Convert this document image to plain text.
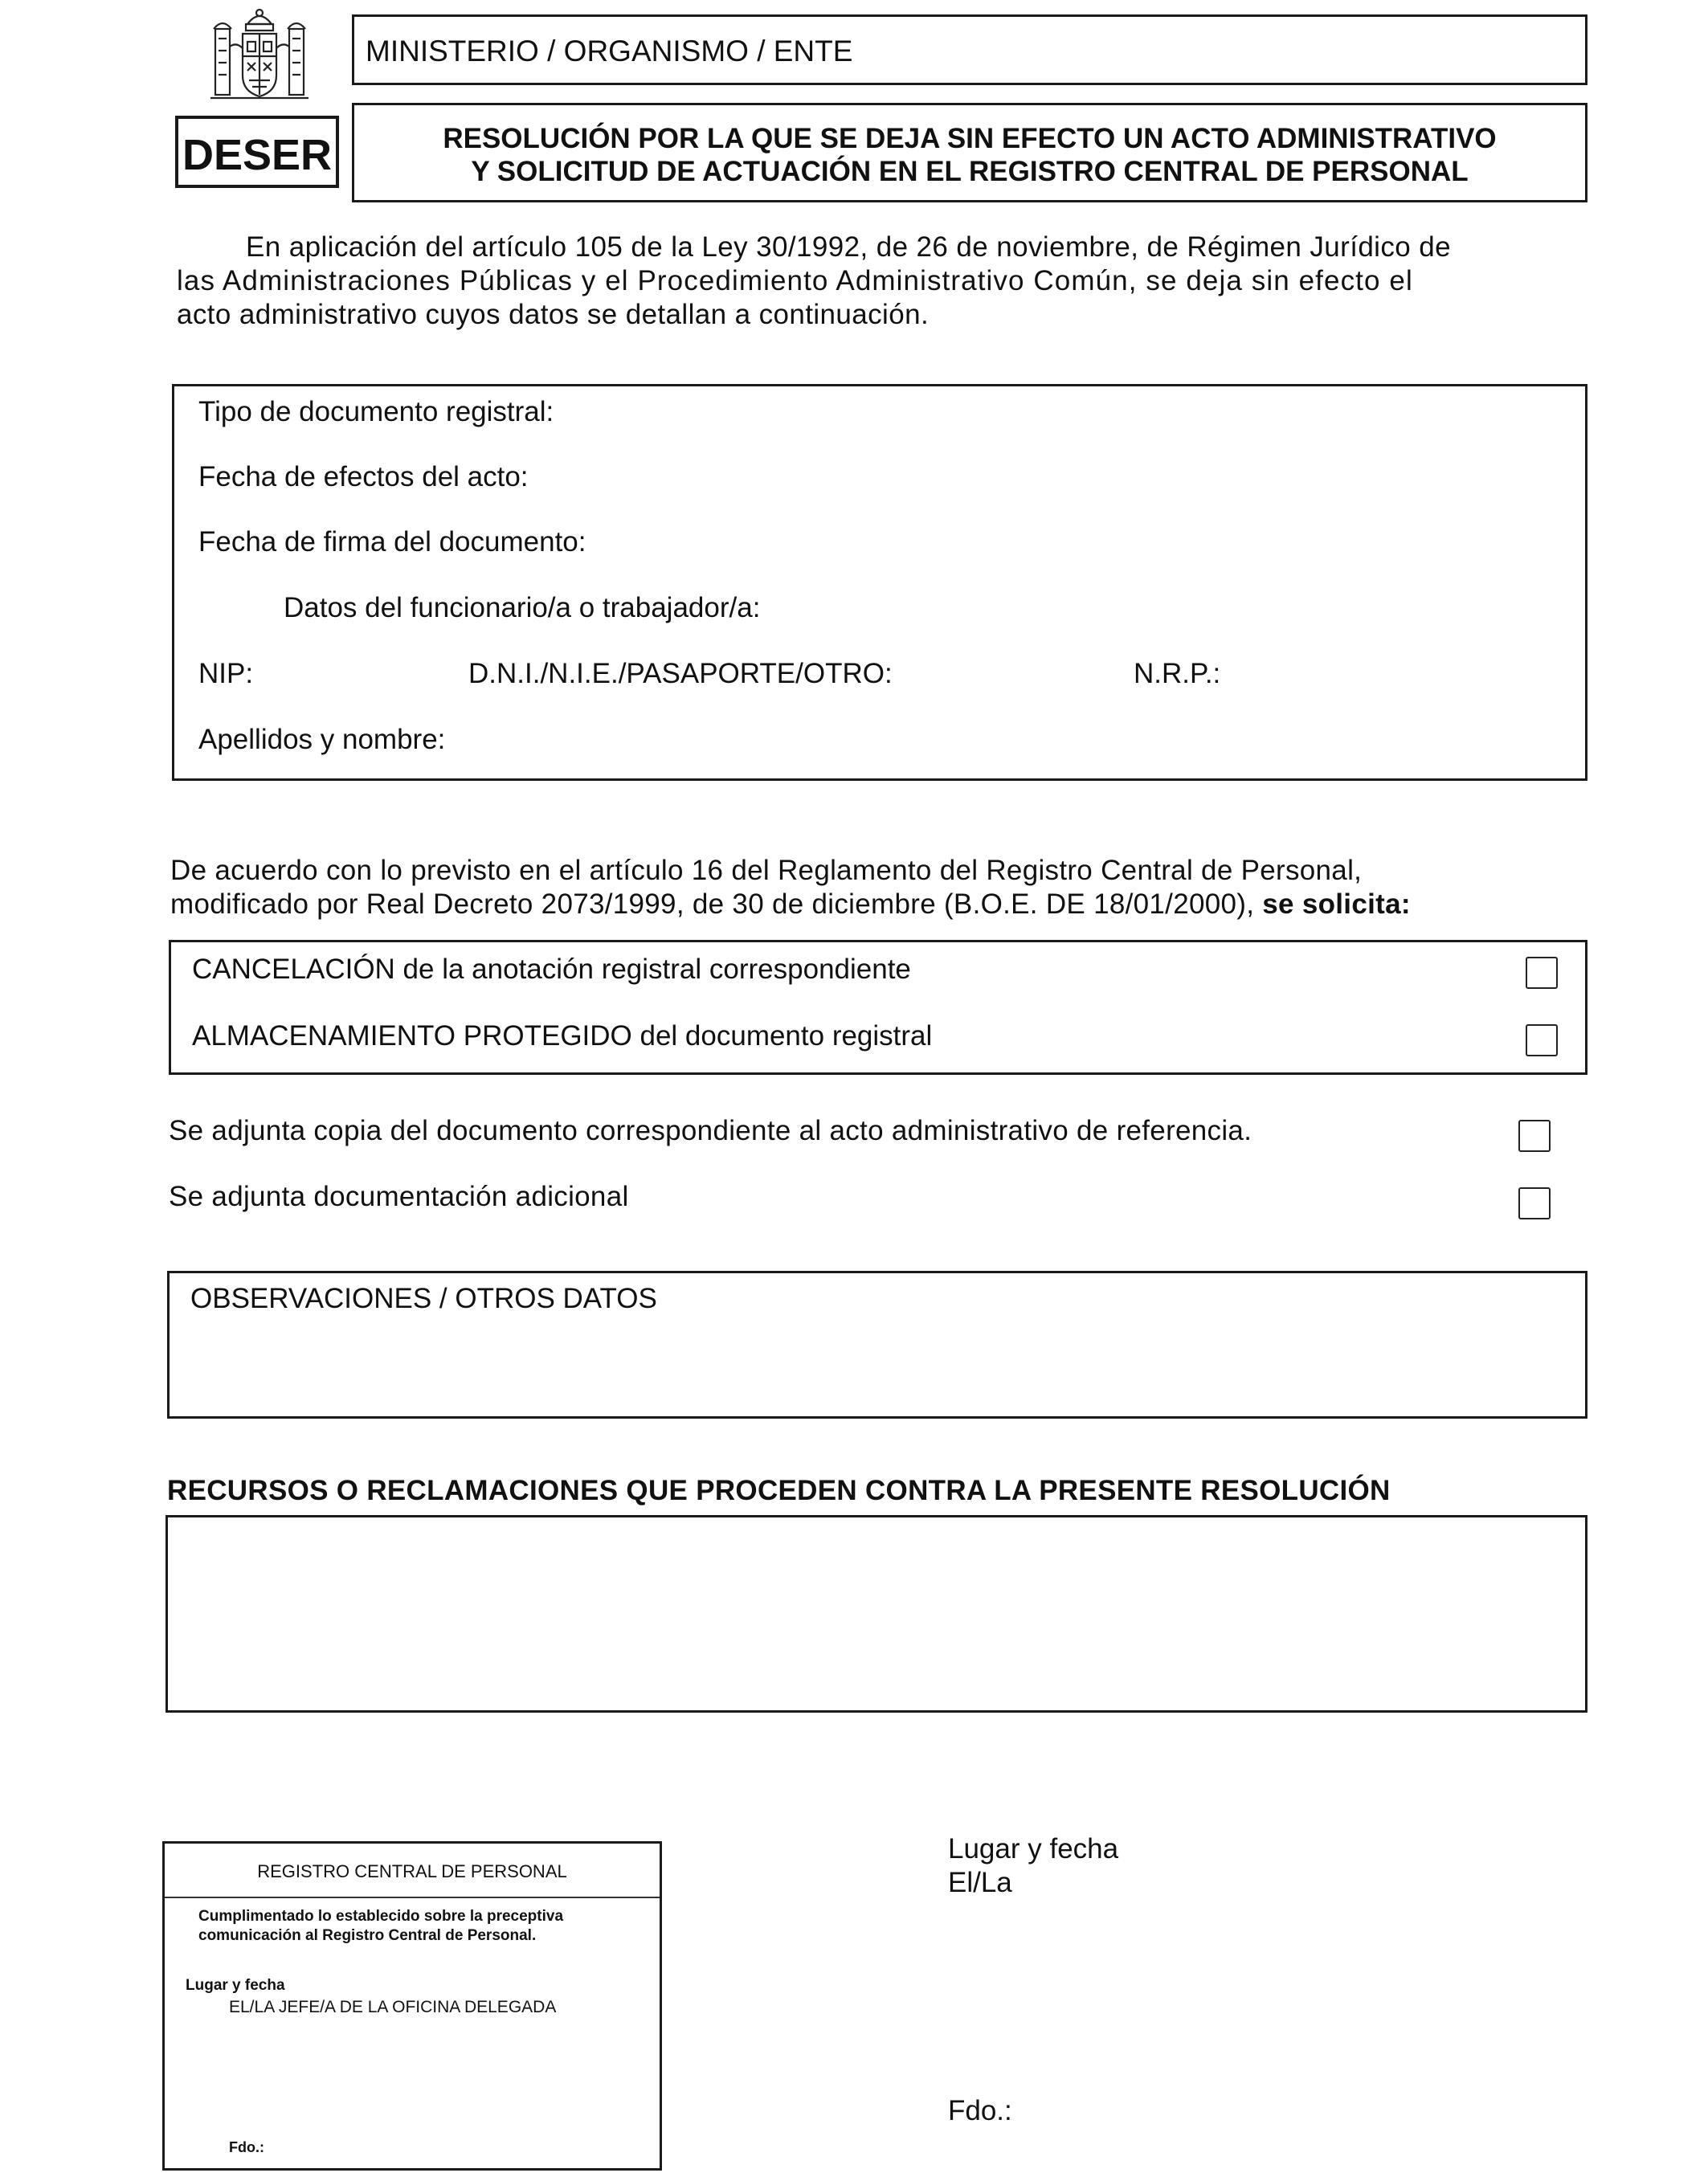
MINISTERIO / ORGANISMO / ENTE
DESER	RESOLUCIÓN POR LA QUE SE DEJA SIN EFECTO UN ACTO ADMINISTRATIVO
Y SOLICITUD DE ACTUACIÓN EN EL REGISTRO CENTRAL DE PERSONAL
En aplicación del artículo 105 de la Ley 30/1992, de 26 de noviembre, de Régimen Jurídico de
las Administraciones Públicas y el Procedimiento Administrativo Común, se deja sin efecto el
acto administrativo cuyos datos se detallan a continuación.
Tipo de documento registral:
Fecha de efectos del acto:
Fecha de firma del documento:
Datos del funcionario/a o trabajador/a:
NIP:	D.N.I./N.I.E./PASAPORTE/OTRO:	N.R.P.:
Apellidos y nombre:
De acuerdo con lo previsto en el artículo 16 del Reglamento del Registro Central de Personal,
modificado por Real Decreto 2073/1999, de 30 de diciembre (B.O.E. DE 18/01/2000), se solicita:
CANCELACIÓN de la anotación registral correspondiente
ALMACENAMIENTO PROTEGIDO del documento registral
Se adjunta copia del documento correspondiente al acto administrativo de referencia.
Se adjunta documentación adicional
OBSERVACIONES / OTROS DATOS
RECURSOS O RECLAMACIONES QUE PROCEDEN CONTRA LA PRESENTE RESOLUCIÓN
REGISTRO CENTRAL DE PERSONAL
Cumplimentado lo establecido sobre la preceptiva
comunicación al Registro Central de Personal.
Lugar y fecha
EL/LA JEFE/A DE LA OFICINA DELEGADA
Fdo.:
Lugar y fecha
El/La
Fdo.:
